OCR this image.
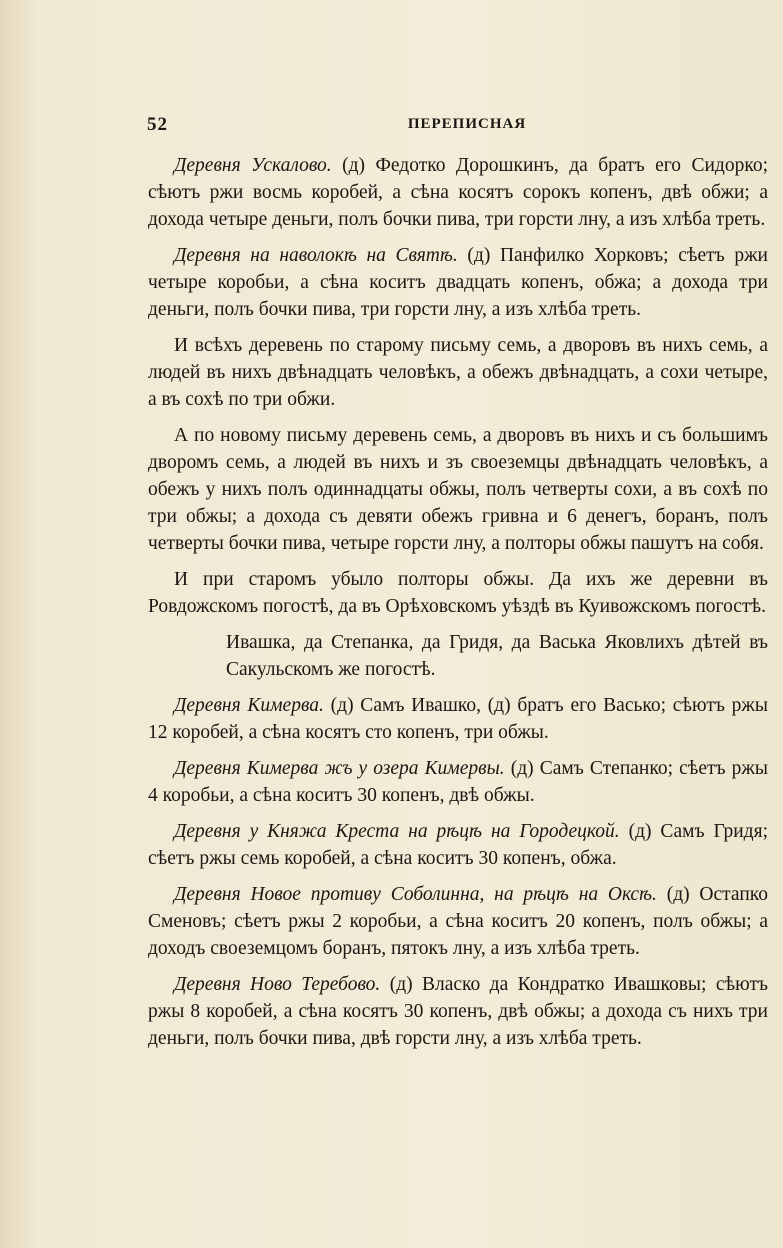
52	ПЕРЕПИСНАЯ

Деревня Ускалово. (д) Федотко Дорошкинъ, да братъ его Сидорко; сѣютъ ржи восмь коробей, а сѣна косятъ сорокъ копенъ, двѣ обжи; а дохода четыре деньги, полъ бочки пива, три горсти лну, а изъ хлѣба треть.

Деревня на наволокѣ на Святѣ. (д) Панфилко Хорковъ; сѣетъ ржи четыре коробьи, а сѣна коситъ двадцать копенъ, обжа; а дохода три деньги, полъ бочки пива, три горсти лну, а изъ хлѣба треть.

И всѣхъ деревень по старому письму семь, а дворовъ въ нихъ семь, а людей въ нихъ двѣнадцать человѣкъ, а обежъ двѣнадцать, а сохи четыре, а въ сохѣ по три обжи.

А по новому письму деревень семь, а дворовъ въ нихъ и съ большимъ дворомъ семь, а людей въ нихъ и зъ своеземцы двѣнадцать человѣкъ, а обежъ у нихъ полъ одиннадцаты обжы, полъ четверты сохи, а въ сохѣ по три обжы; а дохода съ девяти обежъ гривна и 6 денегъ, боранъ, полъ четверты бочки пива, четыре горсти лну, а полторы обжы пашутъ на собя.

И при старомъ убыло полторы обжы. Да ихъ же деревни въ Ровдожскомъ погостѣ, да въ Орѣховскомъ уѣздѣ въ Куивожскомъ погостѣ.

Ивашка, да Степанка, да Гридя, да Васька Яковлихъ дѣтей въ Сакульскомъ же погостѣ.

Деревня Кимерва. (д) Самъ Ивашко, (д) братъ его Васько; сѣютъ ржы 12 коробей, а сѣна косятъ сто копенъ, три обжы.

Деревня Кимерва жъ у озера Кимервы. (д) Самъ Степанко; сѣетъ ржы 4 коробьи, а сѣна коситъ 30 копенъ, двѣ обжы.

Деревня у Княжа Креста на рѣцѣ на Городецкой. (д) Самъ Гридя; сѣетъ ржы семь коробей, а сѣна коситъ 30 копенъ, обжа.

Деревня Новое противу Соболинна, на рѣцѣ на Оксѣ. (д) Остапко Сменовъ; сѣетъ ржы 2 коробьи, а сѣна коситъ 20 копенъ, полъ обжы; а доходъ своеземцомъ боранъ, пятокъ лну, а изъ хлѣба треть.

Деревня Ново Теребово. (д) Власко да Кондратко Ивашковы; сѣютъ ржы 8 коробей, а сѣна косятъ 30 копенъ, двѣ обжы; а дохода съ нихъ три деньги, полъ бочки пива, двѣ горсти лну, а изъ хлѣба треть.
